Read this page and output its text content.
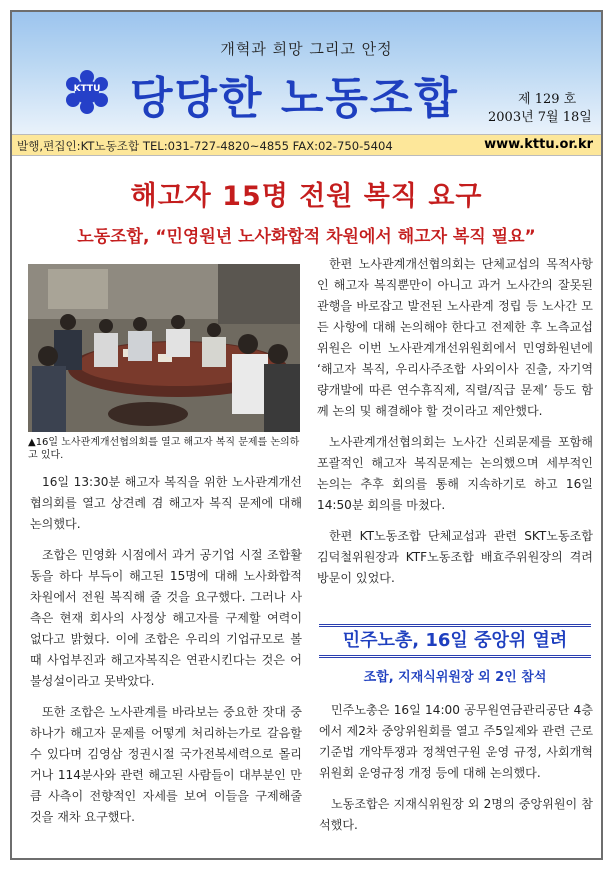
개혁과 희망 그리고 안정
KTTU 당당한 노동조합	제 129 호
2003년 7월 18일
발행,편집인:KT노동조합 TEL:031-727-4820~4855 FAX:02-750-5404	www.kttu.or.kr
해고자 15명 전원 복직 요구
노동조합, “민영원년 노사화합적 차원에서 해고자 복직 필요”
▲16일 노사관계개선협의회를 열고 해고자 복직 문제를 논의하고 있다.

16일 13:30분 해고자 복직을 위한 노사관계개선협의회를 열고 상견례 겸 해고자 복직 문제에 대해 논의했다.

조합은 민영화 시점에서 과거 공기업 시절 조합활동을 하다 부득이 해고된 15명에 대해 노사화합적 차원에서 전원 복직해 줄 것을 요구했다. 그러나 사측은 현재 회사의 사정상 해고자를 구제할 여력이 없다고 밝혔다. 이에 조합은 우리의 기업규모로 볼 때 사업부진과 해고자복직은 연관시킨다는 것은 어불성설이라고 못박았다.

또한 조합은 노사관계를 바라보는 중요한 잣대 중 하나가 해고자 문제를 어떻게 처리하는가로 갈음할 수 있다며 김영삼 정권시절 국가전복세력으로 몰리거나 114분사와 관련 해고된 사람들이 대부분인 만큼 사측이 전향적인 자세를 보여 이들을 구제해줄 것을 재차 요구했다.

한편 노사관계개선협의회는 단체교섭의 목적사항인 해고자 복직뿐만이 아니고 과거 노사간의 잘못된 관행을 바로잡고 발전된 노사관계 정립 등 노사간 모든 사항에 대해 논의해야 한다고 전제한 후 노측교섭위원은 이번 노사관계개선위원회에서 민영화원년에 ‘해고자 복직, 우리사주조합 사외이사 진출, 자기역량개발에 따른 연수휴직제, 직렬/직급 문제’ 등도 함께 논의 및 해결해야 할 것이라고 제안했다.

노사관계개선협의회는 노사간 신뢰문제를 포함해 포괄적인 해고자 복직문제는 논의했으며 세부적인 논의는 추후 회의를 통해 지속하기로 하고 16일 14:50분 회의를 마쳤다.

한편 KT노동조합 단체교섭과 관련 SKT노동조합 김덕철위원장과 KTF노동조합 배효주위원장의 격려 방문이 있었다.

민주노총, 16일 중앙위 열려
조합, 지재식위원장 외 2인 참석

민주노총은 16일 14:00 공무원연금관리공단 4층에서 제2차 중앙위원회를 열고 주5일제와 관련 근로기준법 개악투쟁과 정책연구원 운영 규정, 사회개혁위원회 운영규정 개정 등에 대해 논의했다.

노동조합은 지재식위원장 외 2명의 중앙위원이 참석했다.
